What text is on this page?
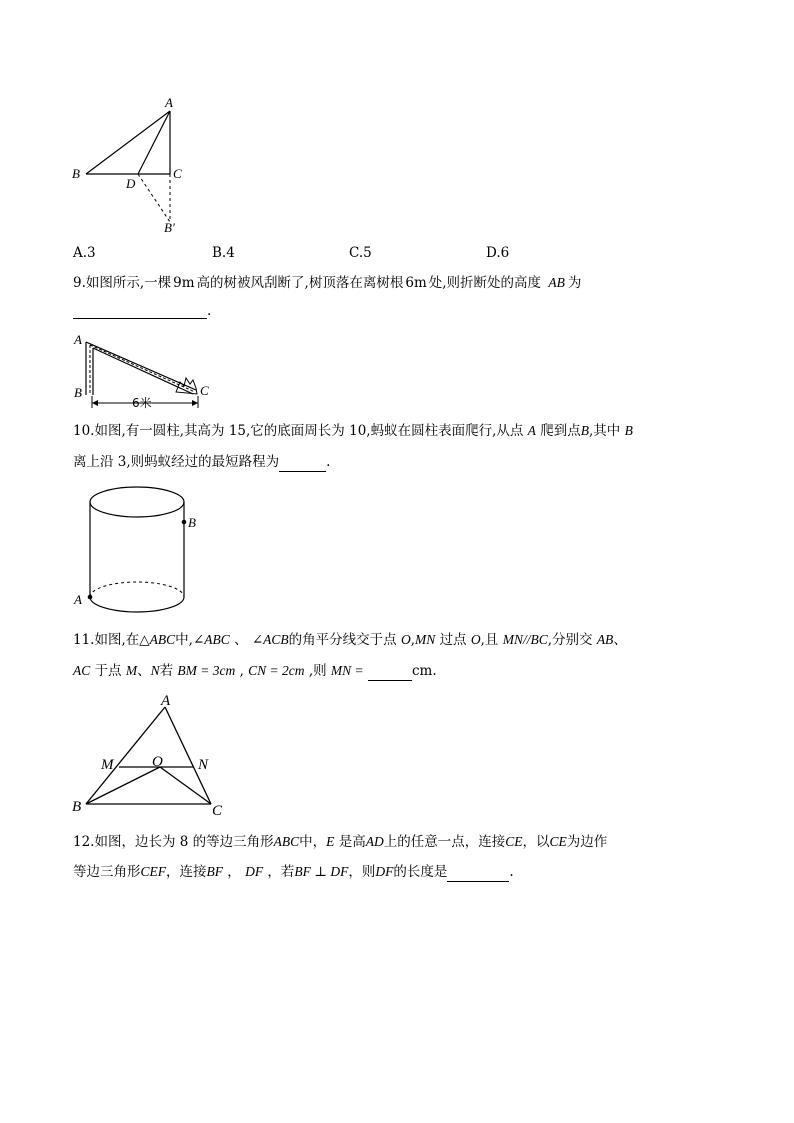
A
B	C
D
B′
A.3	B.4	C.5	D.6
9.如图所示,一棵 9m 高的树被风刮断了,树顶落在离树根 6m 处,则折断处的高度 AB 为
.
A
B	C
6米
10.如图,有一圆柱,其高为 15,它的底面周长为 10,蚂蚁在圆柱表面爬行,从点 A 爬到点B,其中 B
离上沿 3,则蚂蚁经过的最短路程为	.
B
A
11.如图,在△ABC中,∠ABC 、 ∠ACB的角平分线交于点 O,MN 过点 O,且 MN//BC,分别交 AB、
AC 于点 M、N若 BM = 3cm , CN = 2cm ,则 MN =	cm.
A
M	O N
B	C
12.如图，边长为 8 的等边三角形ABC中，E 是高AD上的任意一点，连接CE，以CE为边作
等边三角形CEF，连接BF ， DF ，若BF ⊥ DF，则DF的长度是	.
